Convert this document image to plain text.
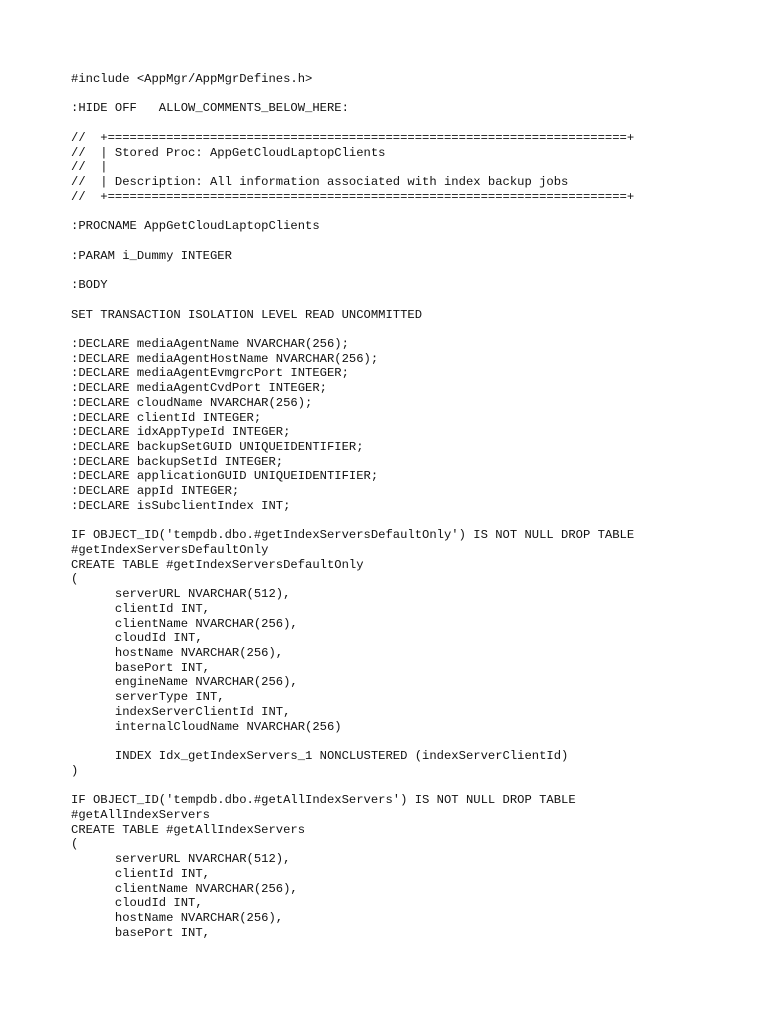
#include <AppMgr/AppMgrDefines.h>
:HIDE OFF   ALLOW_COMMENTS_BELOW_HERE:
//  +=======================================================================+
//  | Stored Proc: AppGetCloudLaptopClients
//  |
//  | Description: All information associated with index backup jobs
//  +=======================================================================+
:PROCNAME AppGetCloudLaptopClients
:PARAM i_Dummy INTEGER
:BODY
SET TRANSACTION ISOLATION LEVEL READ UNCOMMITTED
:DECLARE mediaAgentName NVARCHAR(256);
:DECLARE mediaAgentHostName NVARCHAR(256);
:DECLARE mediaAgentEvmgrcPort INTEGER;
:DECLARE mediaAgentCvdPort INTEGER;
:DECLARE cloudName NVARCHAR(256);
:DECLARE clientId INTEGER;
:DECLARE idxAppTypeId INTEGER;
:DECLARE backupSetGUID UNIQUEIDENTIFIER;
:DECLARE backupSetId INTEGER;
:DECLARE applicationGUID UNIQUEIDENTIFIER;
:DECLARE appId INTEGER;
:DECLARE isSubclientIndex INT;
IF OBJECT_ID('tempdb.dbo.#getIndexServersDefaultOnly') IS NOT NULL DROP TABLE
#getIndexServersDefaultOnly
CREATE TABLE #getIndexServersDefaultOnly
(
serverURL NVARCHAR(512),
clientId INT,
clientName NVARCHAR(256),
cloudId INT,
hostName NVARCHAR(256),
basePort INT,
engineName NVARCHAR(256),
serverType INT,
indexServerClientId INT,
internalCloudName NVARCHAR(256)
INDEX Idx_getIndexServers_1 NONCLUSTERED (indexServerClientId)
)
IF OBJECT_ID('tempdb.dbo.#getAllIndexServers') IS NOT NULL DROP TABLE
#getAllIndexServers
CREATE TABLE #getAllIndexServers
(
serverURL NVARCHAR(512),
clientId INT,
clientName NVARCHAR(256),
cloudId INT,
hostName NVARCHAR(256),
basePort INT,
